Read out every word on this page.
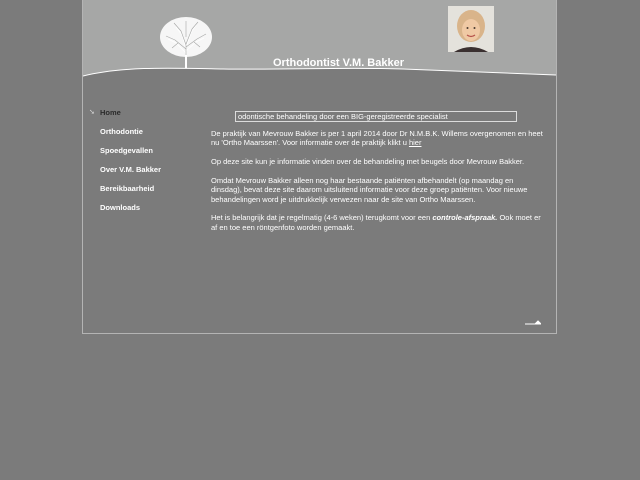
Orthodontist V.M. Bakker
➘ Home
Orthodontie
Spoedgevallen
Over V.M. Bakker
Bereikbaarheid
Downloads
odontische behandeling door een BIG-geregistreerde specialist

De praktijk van Mevrouw Bakker is per 1 april 2014 door Dr N.M.B.K. Willems overgenomen en heet nu 'Ortho Maarssen'. Voor informatie over de praktijk klikt u hier

Op deze site kun je informatie vinden over de behandeling met beugels door Mevrouw Bakker.

Omdat Mevrouw Bakker alleen nog haar bestaande patiënten afbehandelt (op maandag en dinsdag), bevat deze site daarom uitsluitend informatie voor deze groep patiënten. Voor nieuwe behandelingen word je uitdrukkelijk verwezen naar de site van Ortho Maarssen.

Het is belangrijk dat je regelmatig (4-6 weken) terugkomt voor een controle-afspraak. Ook moet er af en toe een röntgenfoto worden gemaakt.
